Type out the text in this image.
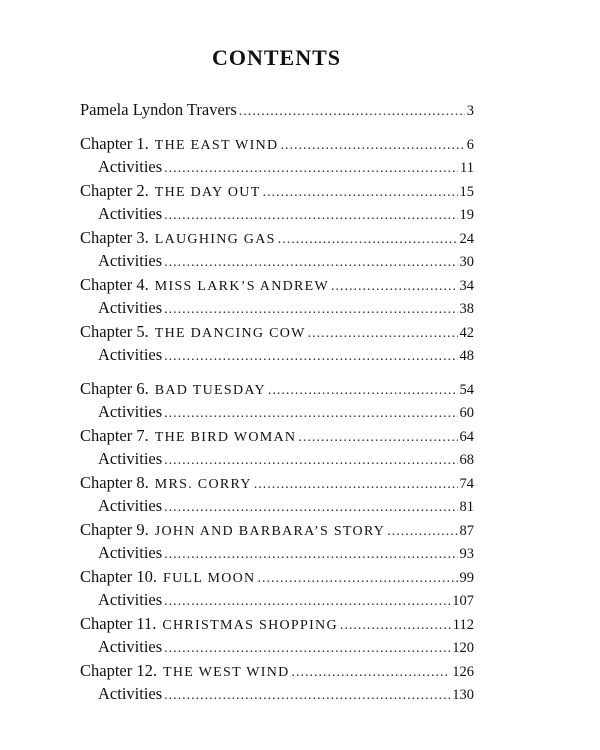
CONTENTS
Pamela Lyndon Travers .....	3
Chapter 1. THE EAST WIND .....	6
Activities .....	11
Chapter 2. THE DAY OUT .....	15
Activities .....	19
Chapter 3. LAUGHING GAS .....	24
Activities .....	30
Chapter 4. MISS LARK’S ANDREW .....	34
Activities .....	38
Chapter 5. THE DANCING COW .....	42
Activities .....	48
Chapter 6. BAD TUESDAY .....	54
Activities .....	60
Chapter 7. THE BIRD WOMAN .....	64
Activities .....	68
Chapter 8. MRS. CORRY .....	74
Activities .....	81
Chapter 9. JOHN AND BARBARA’S STORY .....	87
Activities .....	93
Chapter 10. FULL MOON .....	99
Activities .....	107
Chapter 11. CHRISTMAS SHOPPING .....	112
Activities .....	120
Chapter 12. THE WEST WIND .....	126
Activities .....	130
